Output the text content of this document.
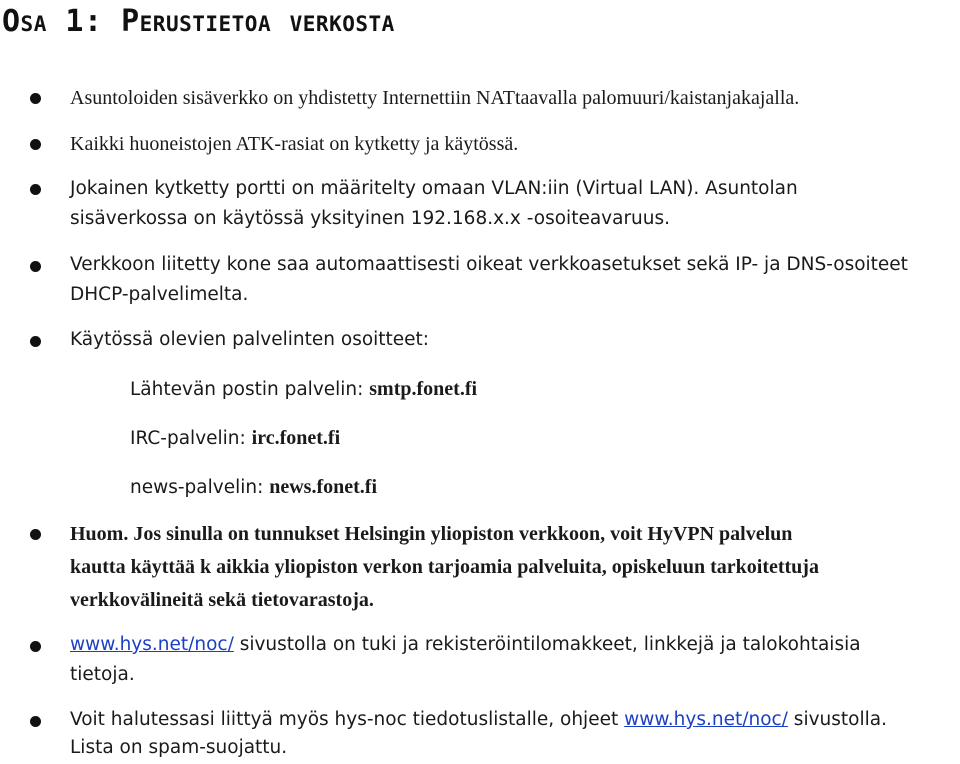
Osa 1: Perustietoa verkosta
Asuntoloiden sisäverkko on yhdistetty Internettiin NATtaavalla palomuuri/kaistanjakajalla.
Kaikki huoneistojen ATK-rasiat on kytketty ja käytössä.
Jokainen kytketty portti on määritelty omaan VLAN:iin (Virtual LAN). Asuntolan
sisäverkossa on käytössä yksityinen 192.168.x.x -osoiteavaruus.
Verkkoon liitetty kone saa automaattisesti oikeat verkkoasetukset sekä IP- ja DNS-osoiteet
DHCP-palvelimelta.
Käytössä olevien palvelinten osoitteet:
Lähtevän postin palvelin: smtp.fonet.fi
IRC-palvelin: irc.fonet.fi
news-palvelin: news.fonet.fi
Huom. Jos sinulla on tunnukset Helsingin yliopiston verkkoon, voit HyVPN palvelun
kautta käyttää k aikkia yliopiston verkon tarjoamia palveluita, opiskeluun tarkoitettuja
verkkovälineitä sekä tietovarastoja.
www.hys.net/noc/ sivustolla on tuki ja rekisteröintilomakkeet, linkkejä ja talokohtaisia
tietoja.
Voit halutessasi liittyä myös hys-noc tiedotuslistalle, ohjeet www.hys.net/noc/ sivustolla.
Lista on spam-suojattu.
